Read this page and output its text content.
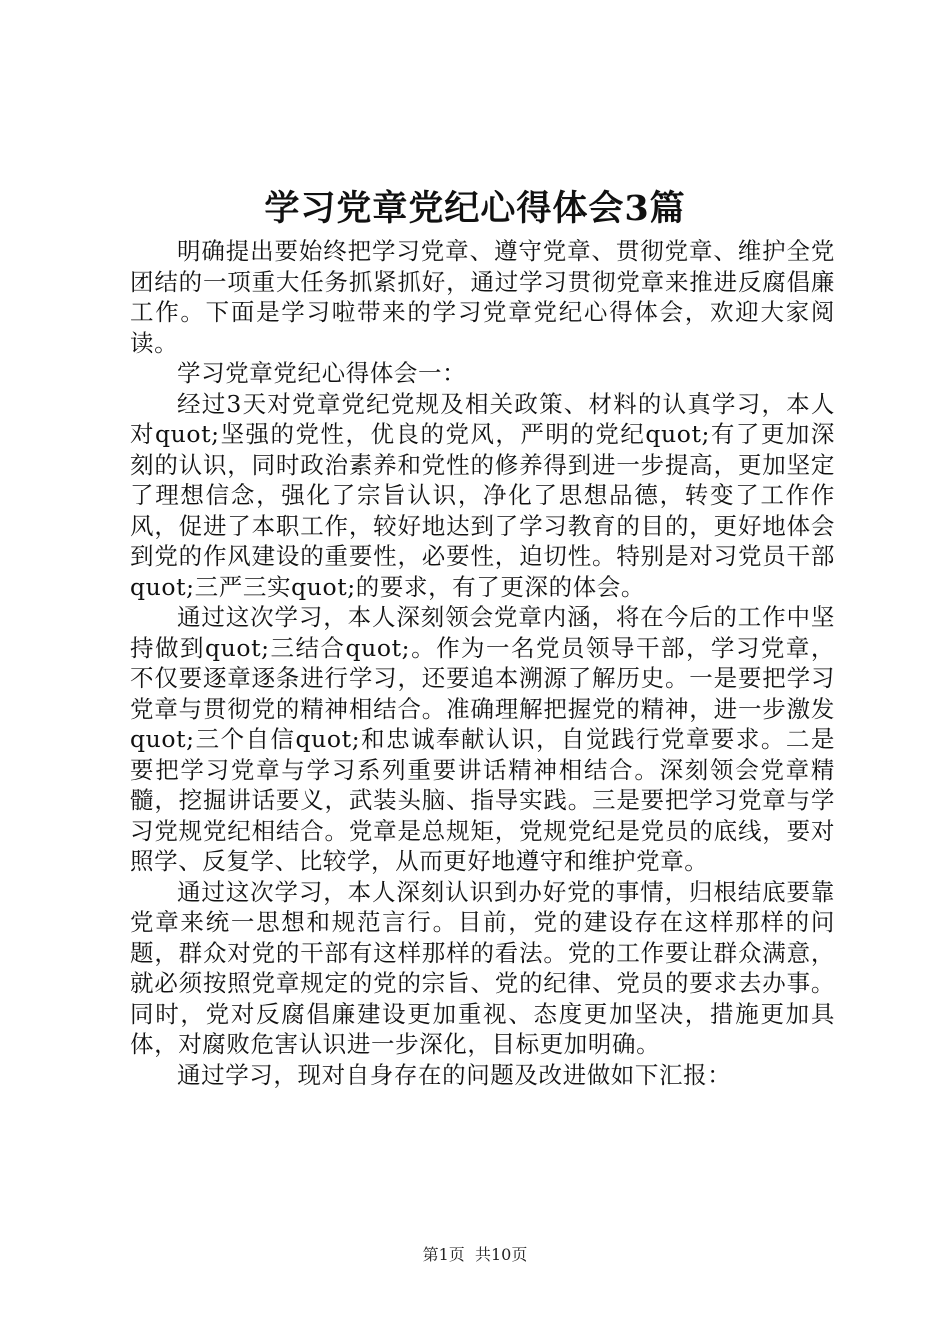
学习党章党纪心得体会3篇

明确提出要始终把学习党章、遵守党章、贯彻党章、维护全党团结的一项重大任务抓紧抓好，通过学习贯彻党章来推进反腐倡廉工作。下面是学习啦带来的学习党章党纪心得体会，欢迎大家阅读。

学习党章党纪心得体会一：

经过3天对党章党纪党规及相关政策、材料的认真学习，本人对quot;坚强的党性，优良的党风，严明的党纪quot;有了更加深刻的认识，同时政治素养和党性的修养得到进一步提高，更加坚定了理想信念，强化了宗旨认识，净化了思想品德，转变了工作作风，促进了本职工作，较好地达到了学习教育的目的，更好地体会到党的作风建设的重要性，必要性，迫切性。特别是对习党员干部quot;三严三实quot;的要求，有了更深的体会。

通过这次学习，本人深刻领会党章内涵，将在今后的工作中坚持做到quot;三结合quot;。作为一名党员领导干部，学习党章，不仅要逐章逐条进行学习，还要追本溯源了解历史。一是要把学习党章与贯彻党的精神相结合。准确理解把握党的精神，进一步激发quot;三个自信quot;和忠诚奉献认识，自觉践行党章要求。二是要把学习党章与学习系列重要讲话精神相结合。深刻领会党章精髓，挖掘讲话要义，武装头脑、指导实践。三是要把学习党章与学习党规党纪相结合。党章是总规矩，党规党纪是党员的底线，要对照学、反复学、比较学，从而更好地遵守和维护党章。

通过这次学习，本人深刻认识到办好党的事情，归根结底要靠党章来统一思想和规范言行。目前，党的建设存在这样那样的问题，群众对党的干部有这样那样的看法。党的工作要让群众满意，就必须按照党章规定的党的宗旨、党的纪律、党员的要求去办事。同时，党对反腐倡廉建设更加重视、态度更加坚决，措施更加具体，对腐败危害认识进一步深化，目标更加明确。

通过学习，现对自身存在的问题及改进做如下汇报：

第1页 共10页
